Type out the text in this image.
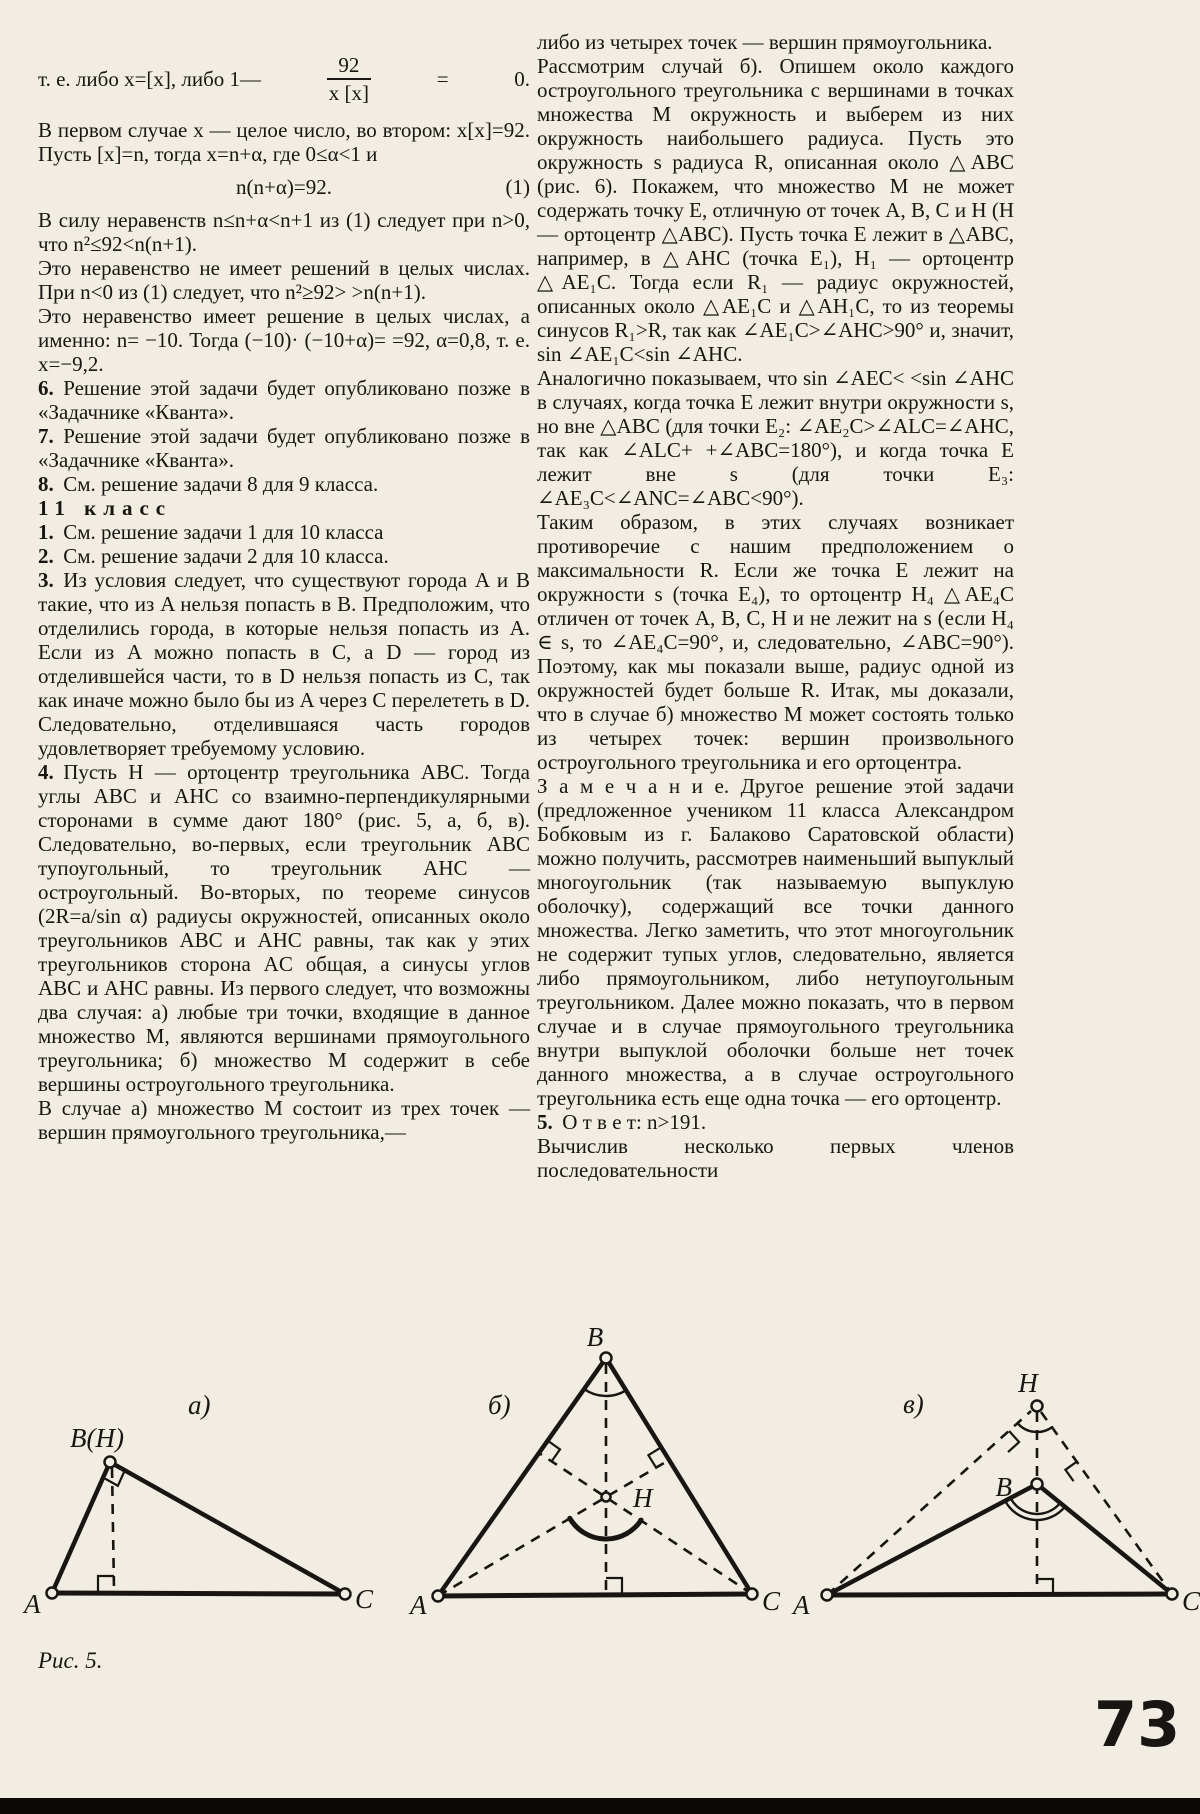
т. е. либо x=[x], либо 1—	$\frac{92}{x [x]}$	=	0.

В первом случае x — целое число, во втором: x[x]=92. Пусть [x]=n, тогда x=n+α, где 0≤α<1 и

n(n+α)=92.	(1)

В силу неравенств n≤n+α<n+1 из (1) следует при n>0, что n²≤92<n(n+1).

Это неравенство не имеет решений в целых числах. При n<0 из (1) следует, что n²≥92> >n(n+1).

Это неравенство имеет решение в целых числах, а именно: n= −10. Тогда (−10)· (−10+α)= =92, α=0,8, т. е. x=−9,2.

6. Решение этой задачи будет опубликовано позже в «Задачнике «Кванта».

7. Решение этой задачи будет опубликовано позже в «Задачнике «Кванта».

8. См. решение задачи 8 для 9 класса.

11 класс

1. См. решение задачи 1 для 10 класса

2. См. решение задачи 2 для 10 класса.

3. Из условия следует, что существуют города A и B такие, что из A нельзя попасть в B. Предположим, что отделились города, в которые нельзя попасть из A. Если из A можно попасть в C, а D — город из отделившейся части, то в D нельзя попасть из C, так как иначе можно было бы из A через C перелететь в D. Следовательно, отделившаяся часть городов удовлетворяет требуемому условию.

4. Пусть H — ортоцентр треугольника ABC. Тогда углы ABC и AHC со взаимно-перпендикулярными сторонами в сумме дают 180° (рис. 5, а, б, в). Следовательно, во-первых, если треугольник ABC тупоугольный, то треугольник AHC — остроугольный. Во-вторых, по теореме синусов (2R=a/sin α) радиусы окружностей, описанных около треугольников ABC и AHC равны, так как у этих треугольников сторона AC общая, а синусы углов ABC и AHC равны. Из первого следует, что возможны два случая: а) любые три точки, входящие в данное множество M, являются вершинами прямоугольного треугольника; б) множество M содержит в себе вершины остроугольного треугольника.

В случае а) множество M состоит из трех точек — вершин прямоугольного треугольника,—

либо из четырех точек — вершин прямоугольника.

Рассмотрим случай б). Опишем около каждого остроугольного треугольника с вершинами в точках множества M окружность и выберем из них окружность наибольшего радиуса. Пусть это окружность s радиуса R, описанная около △ABC (рис. 6). Покажем, что множество M не может содержать точку E, отличную от точек A, B, C и H (H — ортоцентр △ABC). Пусть точка E лежит в △ABC, например, в △AHC (точка E₁), H₁ — ортоцентр △AE₁C. Тогда если R₁ — радиус окружностей, описанных около △AE₁C и △AH₁C, то из теоремы синусов R₁>R, так как ∠AE₁C>∠AHC>90° и, значит, sin ∠AE₁C<sin ∠AHC.

Аналогично показываем, что sin ∠AEC< <sin ∠AHC в случаях, когда точка E лежит внутри окружности s, но вне △ABC (для точки E₂: ∠AE₂C>∠ALC=∠AHC, так как ∠ALC+ +∠ABC=180°), и когда точка E лежит вне s (для точки E₃: ∠AE₃C<∠ANC=∠ABC<90°).

Таким образом, в этих случаях возникает противоречие с нашим предположением о максимальности R. Если же точка E лежит на окружности s (точка E₄), то ортоцентр H₄ △AE₄C отличен от точек A, B, C, H и не лежит на s (если H₄ ∈ s, то ∠AE₄C=90°, и, следовательно, ∠ABC=90°). Поэтому, как мы показали выше, радиус одной из окружностей будет больше R. Итак, мы доказали, что в случае б) множество M может состоять только из четырех точек: вершин произвольного остроугольного треугольника и его ортоцентра.

З а м е ч а н и е. Другое решение этой задачи (предложенное учеником 11 класса Александром Бобковым из г. Балаково Саратовской области) можно получить, рассмотрев наименьший выпуклый многоугольник (так называемую выпуклую оболочку), содержащий все точки данного множества. Легко заметить, что этот многоугольник не содержит тупых углов, следовательно, является либо прямоугольником, либо нетупоугольным треугольником. Далее можно показать, что в первом случае и в случае прямоугольного треугольника внутри выпуклой оболочки больше нет точек данного множества, а в случае остроугольного треугольника есть еще одна точка — его ортоцентр.

5. О т в е т: n>191.

Вычислив несколько первых членов последовательности

а)
B(H)
A	C
б)
B
H
A	C
в)
H
B
A	C
Рис. 5.
73
